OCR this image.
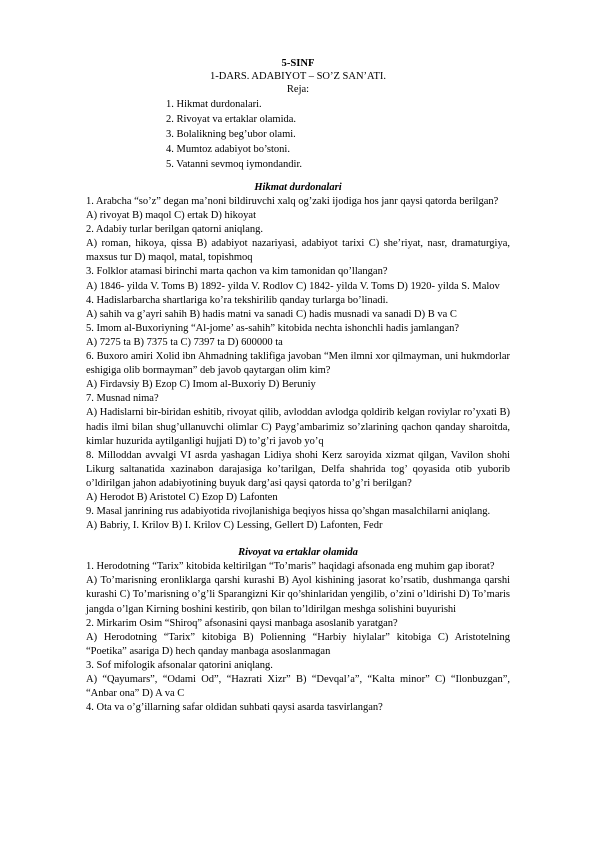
5-SINF
1-DARS. ADABIYOT – SO’Z SAN’ATI.
Reja:
1. Hikmat durdonalari.
2. Rivoyat va ertaklar olamida.
3. Bolalikning beg’ubor olami.
4. Mumtoz adabiyot bo’stoni.
5. Vatanni sevmoq iymondandir.
Hikmat durdonalari
1. Arabcha “so’z” degan ma’noni bildiruvchi xalq og’zaki ijodiga hos janr qaysi qatorda berilgan?
A) rivoyat B) maqol C) ertak D) hikoyat
2. Adabiy turlar berilgan qatorni aniqlang.
A) roman, hikoya, qissa B) adabiyot nazariyasi, adabiyot tarixi C) she’riyat, nasr, dramaturgiya, maxsus tur D) maqol, matal, topishmoq
3. Folklor atamasi birinchi marta qachon va kim tamonidan qo’llangan?
A) 1846- yilda V. Toms B) 1892- yilda V. Rodlov C) 1842- yilda V. Toms D) 1920- yilda S. Malov
4. Hadislarbarcha shartlariga ko’ra tekshirilib qanday turlarga bo’linadi.
A) sahih va g’ayri sahih B) hadis matni va sanadi C) hadis musnadi va sanadi D) B va C
5. Imom al-Buxoriyning “Al-jome’ as-sahih” kitobida nechta ishonchli hadis jamlangan?
A) 7275 ta B) 7375 ta C) 7397 ta D) 600000 ta
6. Buxoro amiri Xolid ibn Ahmadning taklifiga javoban “Men ilmni xor qilmayman, uni hukmdorlar eshigiga olib bormayman” deb javob qaytargan olim kim?
A) Firdavsiy B) Ezop C) Imom al-Buxoriy D) Beruniy
7. Musnad nima?
A) Hadislarni bir-biridan eshitib, rivoyat qilib, avloddan avlodga qoldirib kelgan roviylar ro’yxati B) hadis ilmi bilan shug’ullanuvchi olimlar C) Payg’ambarimiz so’zlarining qachon qanday sharoitda, kimlar huzurida aytilganligi hujjati D) to’g’ri javob yo’q
8. Milloddan avvalgi VI asrda yashagan Lidiya shohi Kerz saroyida xizmat qilgan, Vavilon shohi Likurg saltanatida xazinabon darajasiga ko’tarilgan, Delfa shahrida tog’ qoyasida otib yuborib o’ldirilgan jahon adabiyotining buyuk darg’asi qaysi qatorda to’g’ri berilgan?
A) Herodot B) Aristotel C) Ezop D) Lafonten
9. Masal janrining rus adabiyotida rivojlanishiga beqiyos hissa qo’shgan masalchilarni aniqlang.
A) Babriy, I. Krilov B) I. Krilov C) Lessing, Gellert D) Lafonten, Fedr
Rivoyat va ertaklar olamida
1. Herodotning “Tarix” kitobida keltirilgan “To’maris” haqidagi afsonada eng muhim gap iborat?
A) To’marisning eronliklarga qarshi kurashi B) Ayol kishining jasorat ko’rsatib, dushmanga qarshi kurashi C) To’marisning o’g’li Sparangizni Kir qo’shinlaridan yengilib, o’zini o’ldirishi D) To’maris jangda o’lgan Kirning boshini kestirib, qon bilan to’ldirilgan meshga solishini buyurishi
2. Mirkarim Osim “Shiroq” afsonasini qaysi manbaga asoslanib yaratgan?
A) Herodotning “Tarix” kitobiga B) Polienning “Harbiy hiylalar” kitobiga C) Aristotelning “Poetika” asariga D) hech qanday manbaga asoslanmagan
3. Sof mifologik afsonalar qatorini aniqlang.
A) “Qayumars”, “Odami Od”, “Hazrati Xizr” B) “Devqal’a”, “Kalta minor” C) “Ilonbuzgan”, “Anbar ona” D) A va C
4. Ota va o’g’illarning safar oldidan suhbati qaysi asarda tasvirlangan?
